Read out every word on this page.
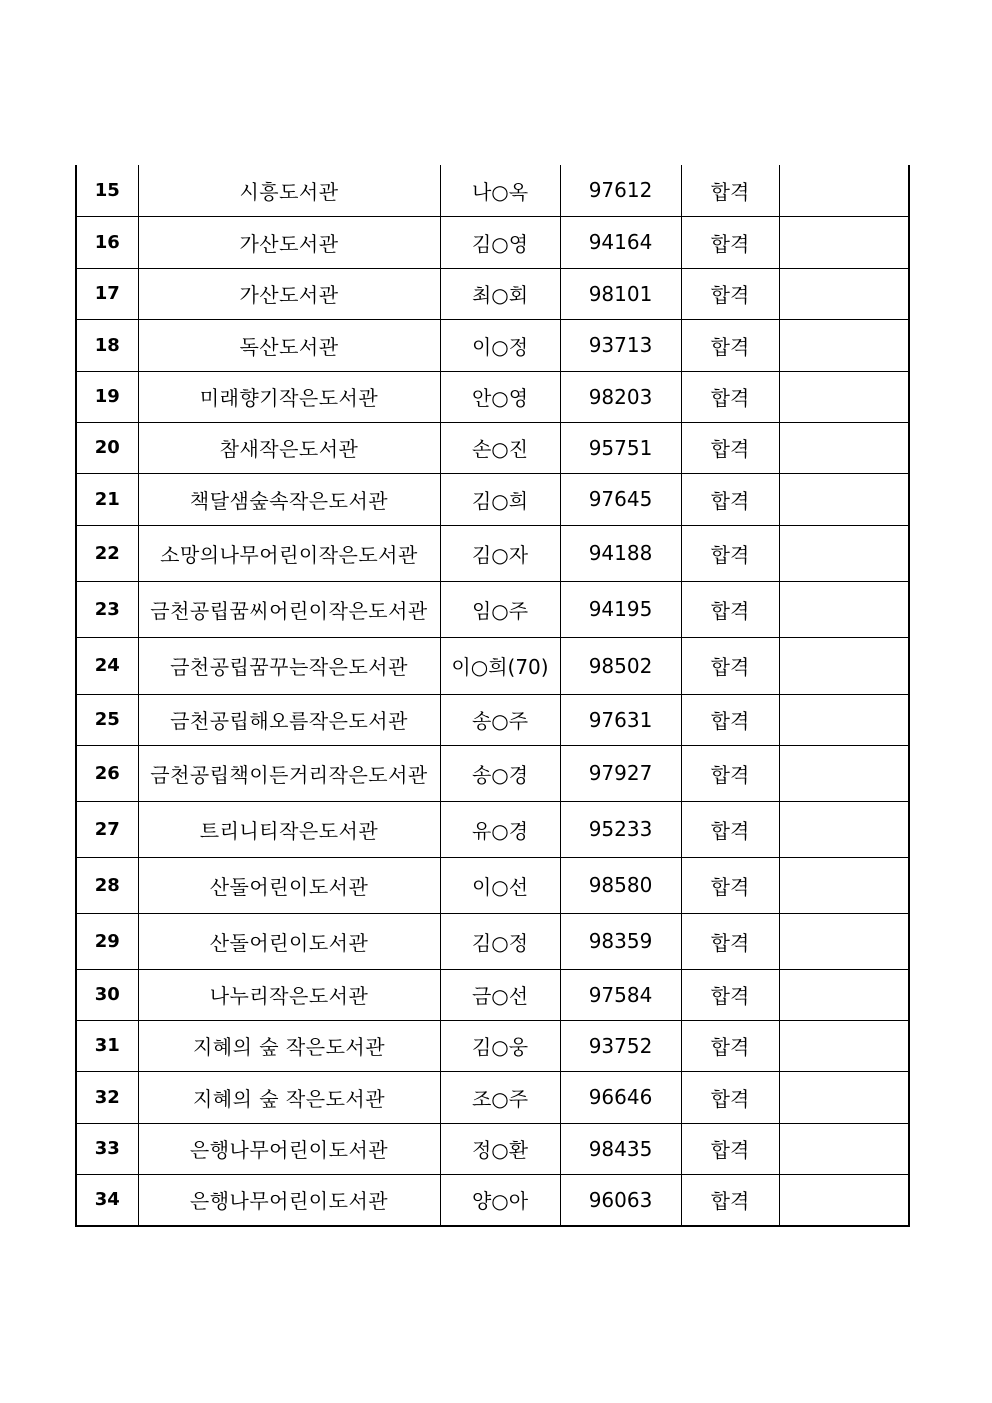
15	시흥도서관	나○옥	97612	합격	
16	가산도서관	김○영	94164	합격	
17	가산도서관	최○회	98101	합격	
18	독산도서관	이○정	93713	합격	
19	미래향기작은도서관	안○영	98203	합격	
20	참새작은도서관	손○진	95751	합격	
21	책달샘숲속작은도서관	김○희	97645	합격	
22	소망의나무어린이작은도서관	김○자	94188	합격	
23	금천공립꿈씨어린이작은도서관	임○주	94195	합격	
24	금천공립꿈꾸는작은도서관	이○희(70)	98502	합격	
25	금천공립해오름작은도서관	송○주	97631	합격	
26	금천공립책이든거리작은도서관	송○경	97927	합격	
27	트리니티작은도서관	유○경	95233	합격	
28	산돌어린이도서관	이○선	98580	합격	
29	산돌어린이도서관	김○정	98359	합격	
30	나누리작은도서관	금○선	97584	합격	
31	지혜의 숲 작은도서관	김○웅	93752	합격	
32	지혜의 숲 작은도서관	조○주	96646	합격	
33	은행나무어린이도서관	정○환	98435	합격	
34	은행나무어린이도서관	양○아	96063	합격	
